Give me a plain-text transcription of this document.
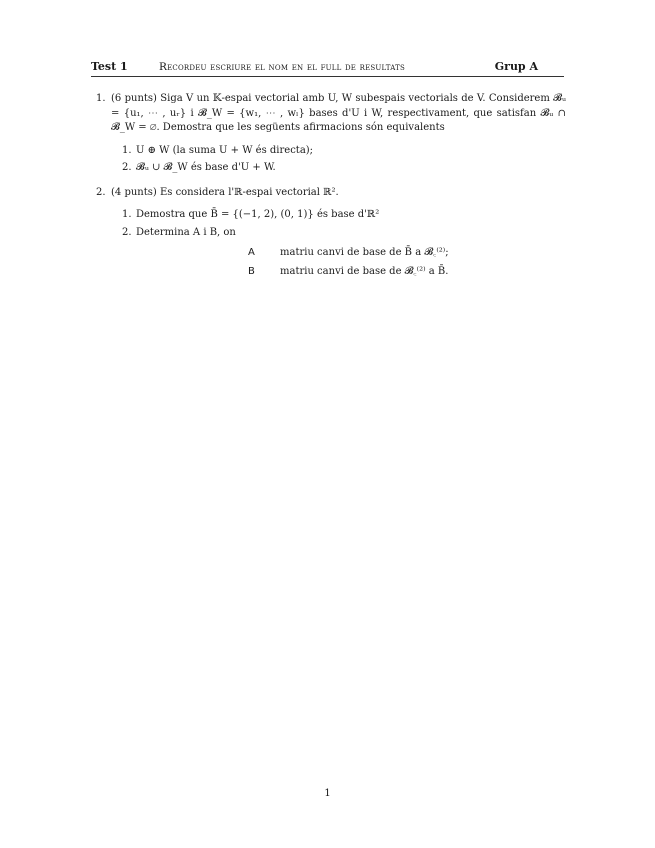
Test 1	Recordeu escriure el nom en el full de resultats	Grup A
1. (6 punts) Siga V un 𝕂-espai vectorial amb U, W subespais vectorials de V. Considerem 𝓑ᵤ = {u₁, ⋯ , uᵣ} i 𝓑_W = {w₁, ⋯ , wₗ} bases d'U i W, respectivament, que satisfan 𝓑ᵤ ∩ 𝓑_W = ∅. Demostra que les següents afirmacions són equivalents

1. U ⊕ W (la suma U + W és directa);
2. 𝓑ᵤ ∪ 𝓑_W és base d'U + W.
2. (4 punts) Es considera l'ℝ-espai vectorial ℝ².

1. Demostra que B̄ = {(−1, 2), (0, 1)} és base d'ℝ²
2. Determina A i B, on
A	matriu canvi de base de B̄ a 𝓑꜀⁽²⁾;
B	matriu canvi de base de 𝓑꜀⁽²⁾ a B̄.
1
